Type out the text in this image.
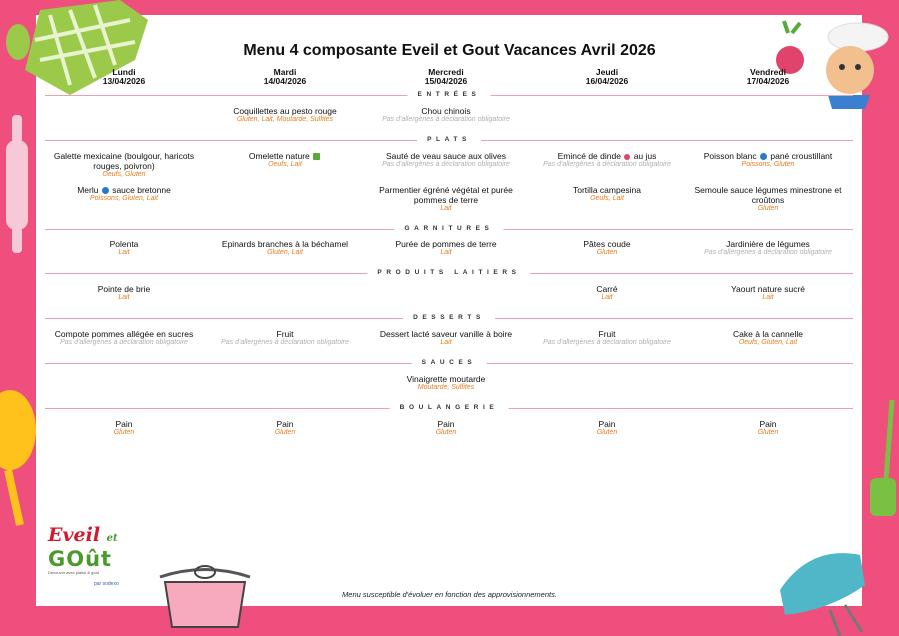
Menu 4 composante Eveil et Gout Vacances Avril 2026
Lundi
13/04/2026
Mardi
14/04/2026
Mercredi
15/04/2026
Jeudi
16/04/2026
Vendredi
17/04/2026
ENTRÉES
Coquillettes au pesto rouge
Gluten, Lait, Moutarde, Sulfites
Chou chinois
Pas d'allergènes à déclaration obligatoire
PLATS
Galette mexicaine (boulgour, haricots rouges, poivron)
Oeufs, Gluten
Omelette nature
Oeufs, Lait
Sauté de veau sauce aux olives
Pas d'allergènes à déclaration obligatoire
Emincé de dinde au jus
Pas d'allergènes à déclaration obligatoire
Poisson blanc pané croustillant
Poissons, Gluten
Merlu sauce bretonne
Poissons, Gluten, Lait
Parmentier égréné végétal et purée pommes de terre
Lait
Tortilla campesina
Oeufs, Lait
Semoule sauce légumes minestrone et croûtons
Gluten
GARNITURES
Polenta
Lait
Epinards branches à la béchamel
Gluten, Lait
Purée de pommes de terre
Lait
Pâtes coude
Gluten
Jardinière de légumes
Pas d'allergènes à déclaration obligatoire
PRODUITS LAITIERS
Pointe de brie
Lait
Carré
Lait
Yaourt nature sucré
Lait
DESSERTS
Compote pommes allégée en sucres
Pas d'allergènes à déclaration obligatoire
Fruit
Pas d'allergènes à déclaration obligatoire
Dessert lacté saveur vanille à boire
Lait
Fruit
Pas d'allergènes à déclaration obligatoire
Cake à la cannelle
Oeufs, Gluten, Lait
SAUCES
Vinaigrette moutarde
Moutarde, Sulfites
BOULANGERIE
Pain
Gluten
Pain
Gluten
Pain
Gluten
Pain
Gluten
Pain
Gluten
Eveil et
GOût
Découvrir avec plaisir & goût
par sodexo
Menu susceptible d'évoluer en fonction des approvisionnements.
